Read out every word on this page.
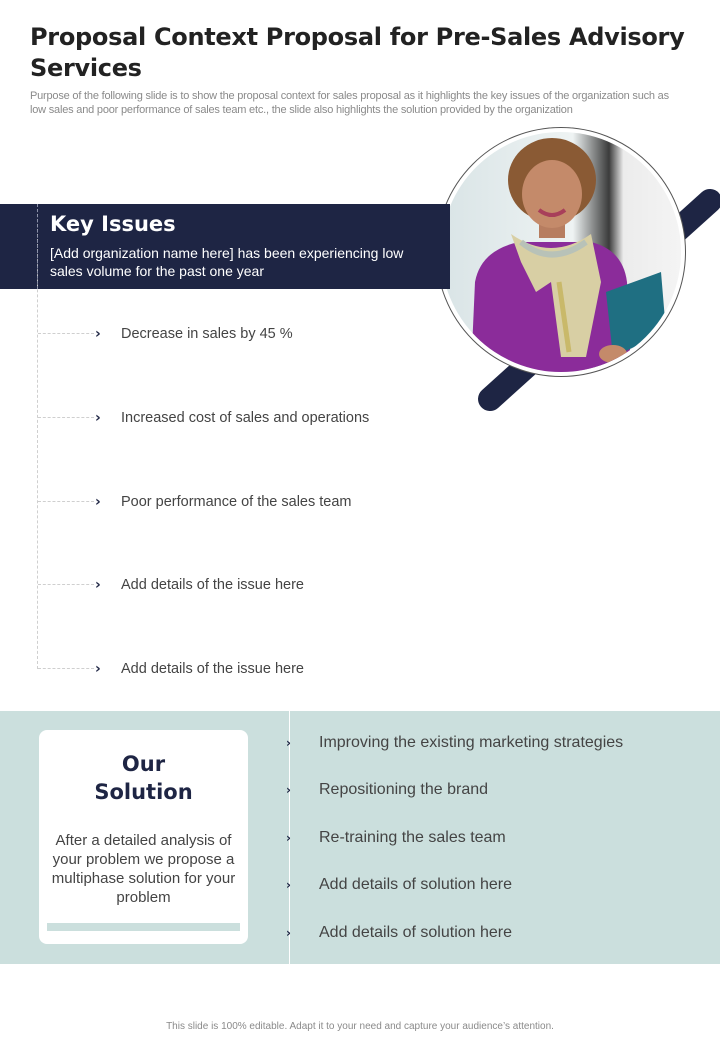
Proposal Context Proposal for Pre-Sales Advisory Services
Purpose of the following slide is to show the proposal context for sales proposal as it highlights the key issues of the organization such as low sales and poor performance of sales team etc., the slide also highlights the solution provided by the organization
Key Issues
[Add organization name here] has been experiencing low sales volume for the past one year
› Decrease in sales by 45 %
› Increased cost of sales and operations
› Poor performance of the sales team
› Add details of the issue here
› Add details of the issue here
Our Solution
After a detailed analysis of your problem we propose a multiphase solution for your problem
› Improving the existing marketing strategies
› Repositioning the brand
› Re-training the sales team
› Add details of solution here
› Add details of solution here
This slide is 100% editable. Adapt it to your need and capture your audience’s attention.
